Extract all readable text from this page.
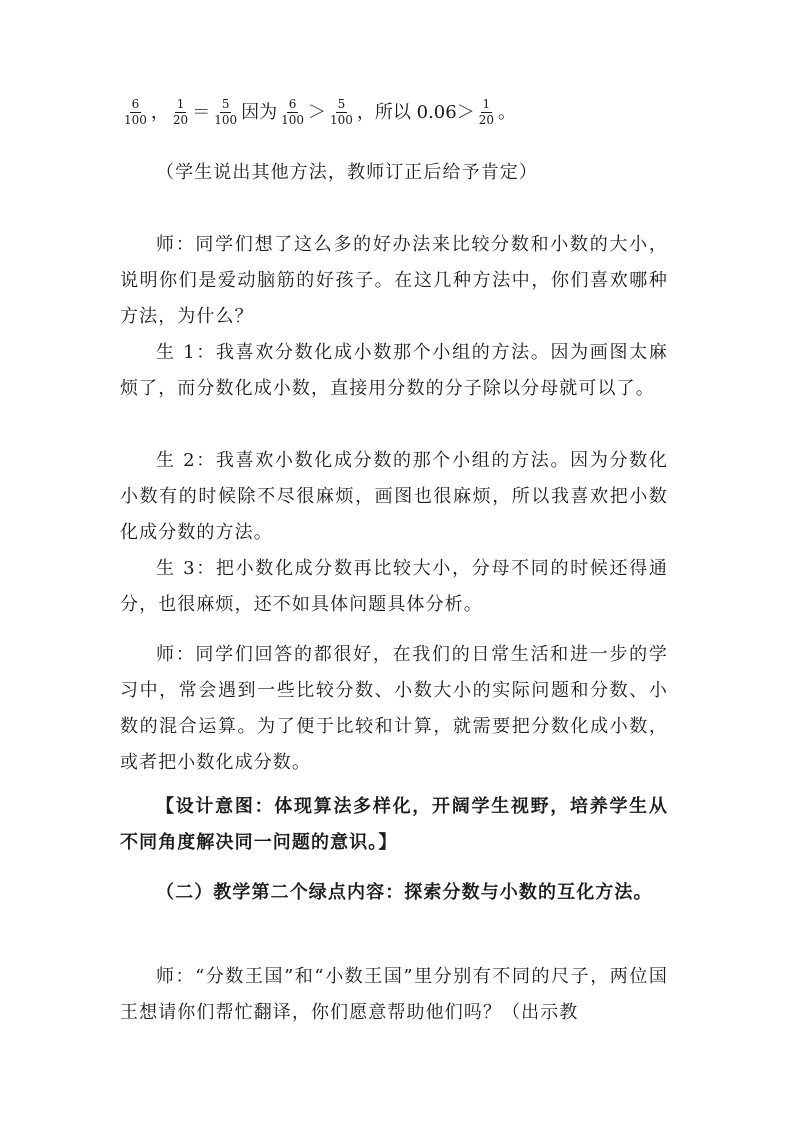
$\frac{6}{100}$ ， $\frac{1}{20} = \frac{5}{100}$ 因为 $\frac{6}{100} > \frac{5}{100}$ ，所以 $0.06> \frac{1}{20}$ 。

（学生说出其他方法，教师订正后给予肯定）

师：同学们想了这么多的好办法来比较分数和小数的大小，说明你们是爱动脑筋的好孩子。在这几种方法中，你们喜欢哪种方法，为什么？

生 1：我喜欢分数化成小数那个小组的方法。因为画图太麻烦了，而分数化成小数，直接用分数的分子除以分母就可以了。

生 2：我喜欢小数化成分数的那个小组的方法。因为分数化小数有的时候除不尽很麻烦，画图也很麻烦，所以我喜欢把小数化成分数的方法。

生 3：把小数化成分数再比较大小，分母不同的时候还得通分，也很麻烦，还不如具体问题具体分析。

师：同学们回答的都很好，在我们的日常生活和进一步的学习中，常会遇到一些比较分数、小数大小的实际问题和分数、小数的混合运算。为了便于比较和计算，就需要把分数化成小数，或者把小数化成分数。

【设计意图：体现算法多样化，开阔学生视野，培养学生从不同角度解决同一问题的意识。】

（二）教学第二个绿点内容：探索分数与小数的互化方法。

师：“分数王国”和“小数王国”里分别有不同的尺子，两位国王想请你们帮忙翻译，你们愿意帮助他们吗？（出示教
